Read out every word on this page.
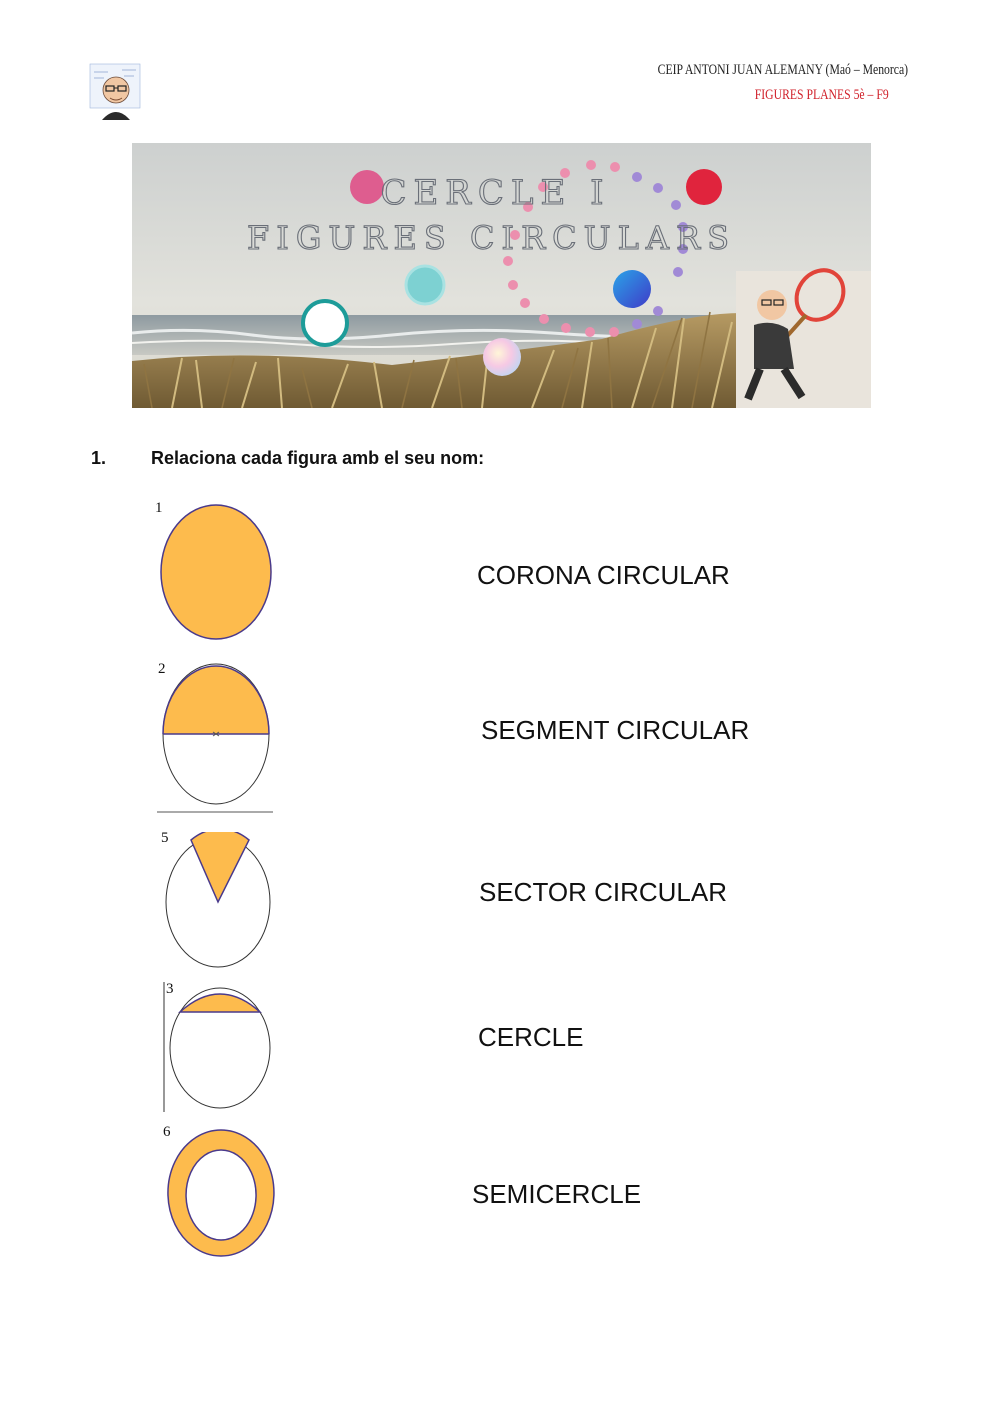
CEIP ANTONI JUAN ALEMANY (Maó – Menorca)
FIGURES PLANES 5è – F9
CERCLE I
FIGURES CIRCULARS
1. Relaciona cada figura amb el seu nom:
1
2
5
3
6
CORONA CIRCULAR
SEGMENT CIRCULAR
SECTOR CIRCULAR
CERCLE
SEMICERCLE
